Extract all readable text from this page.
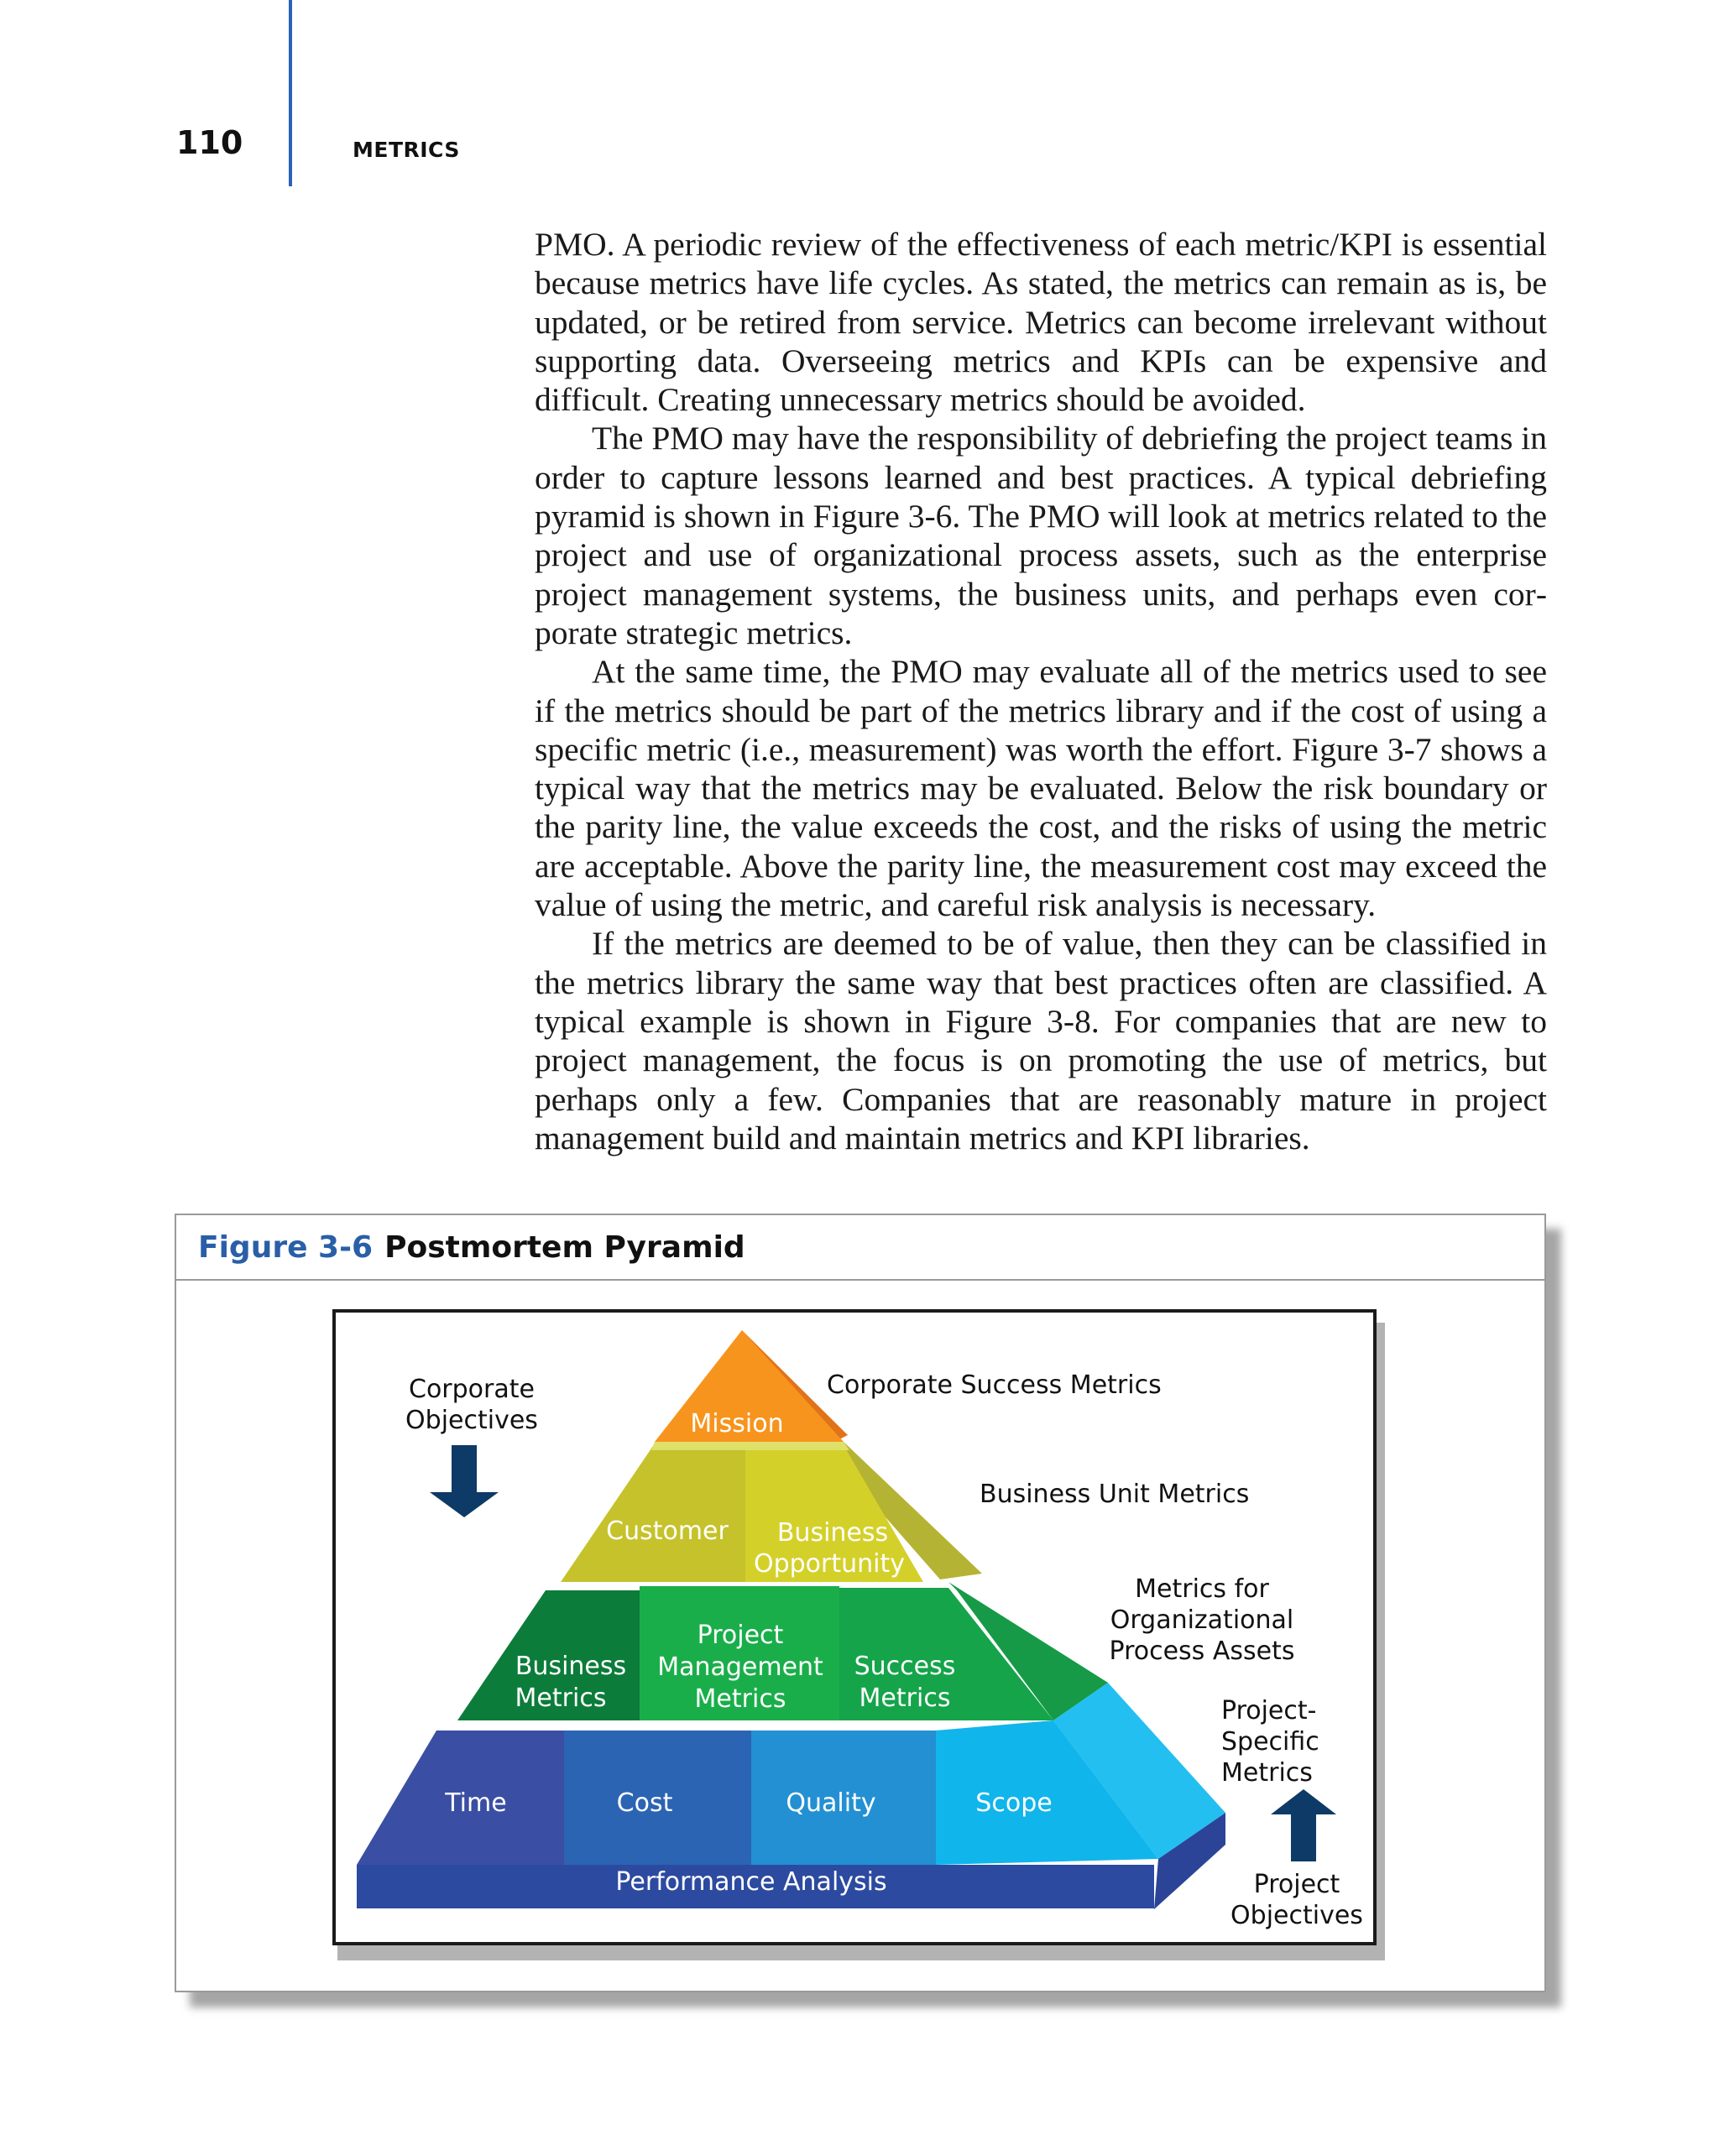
110	METRICS

PMO. A periodic review of the effectiveness of each metric/KPI is essential because metrics have life cycles. As stated, the metrics can remain as is, be updated, or be retired from service. Metrics can become irrelevant without supporting data. Overseeing metrics and KPIs can be expensive and difficult. Creating unnecessary metrics should be avoided.

The PMO may have the responsibility of debriefing the project teams in order to capture lessons learned and best practices. A typical debriefing pyramid is shown in Figure 3-6. The PMO will look at metrics related to the project and use of organizational process assets, such as the enterprise project management systems, the business units, and perhaps even corporate strategic metrics.

At the same time, the PMO may evaluate all of the metrics used to see if the metrics should be part of the metrics library and if the cost of using a specific metric (i.e., measurement) was worth the effort. Figure 3-7 shows a typical way that the metrics may be evaluated. Below the risk boundary or the parity line, the value exceeds the cost, and the risks of using the metric are acceptable. Above the parity line, the measurement cost may exceed the value of using the metric, and careful risk analysis is necessary.

If the metrics are deemed to be of value, then they can be classified in the metrics library the same way that best practices often are classified. A typical example is shown in Figure 3-8. For companies that are new to project management, the focus is on promoting the use of metrics, but perhaps only a few. Companies that are reasonably mature in project management build and maintain metrics and KPI libraries.

Figure 3-6 Postmortem Pyramid
Corporate
Objectives
Corporate Success Metrics
Business Unit Metrics
Metrics for
Organizational
Process Assets
Project-
Specific
Metrics
Project
Objectives
Mission
Customer Business
Opportunity
Business
Metrics
Project
Management
Metrics
Success
Metrics
Time	Cost	Quality	Scope
Performance Analysis
